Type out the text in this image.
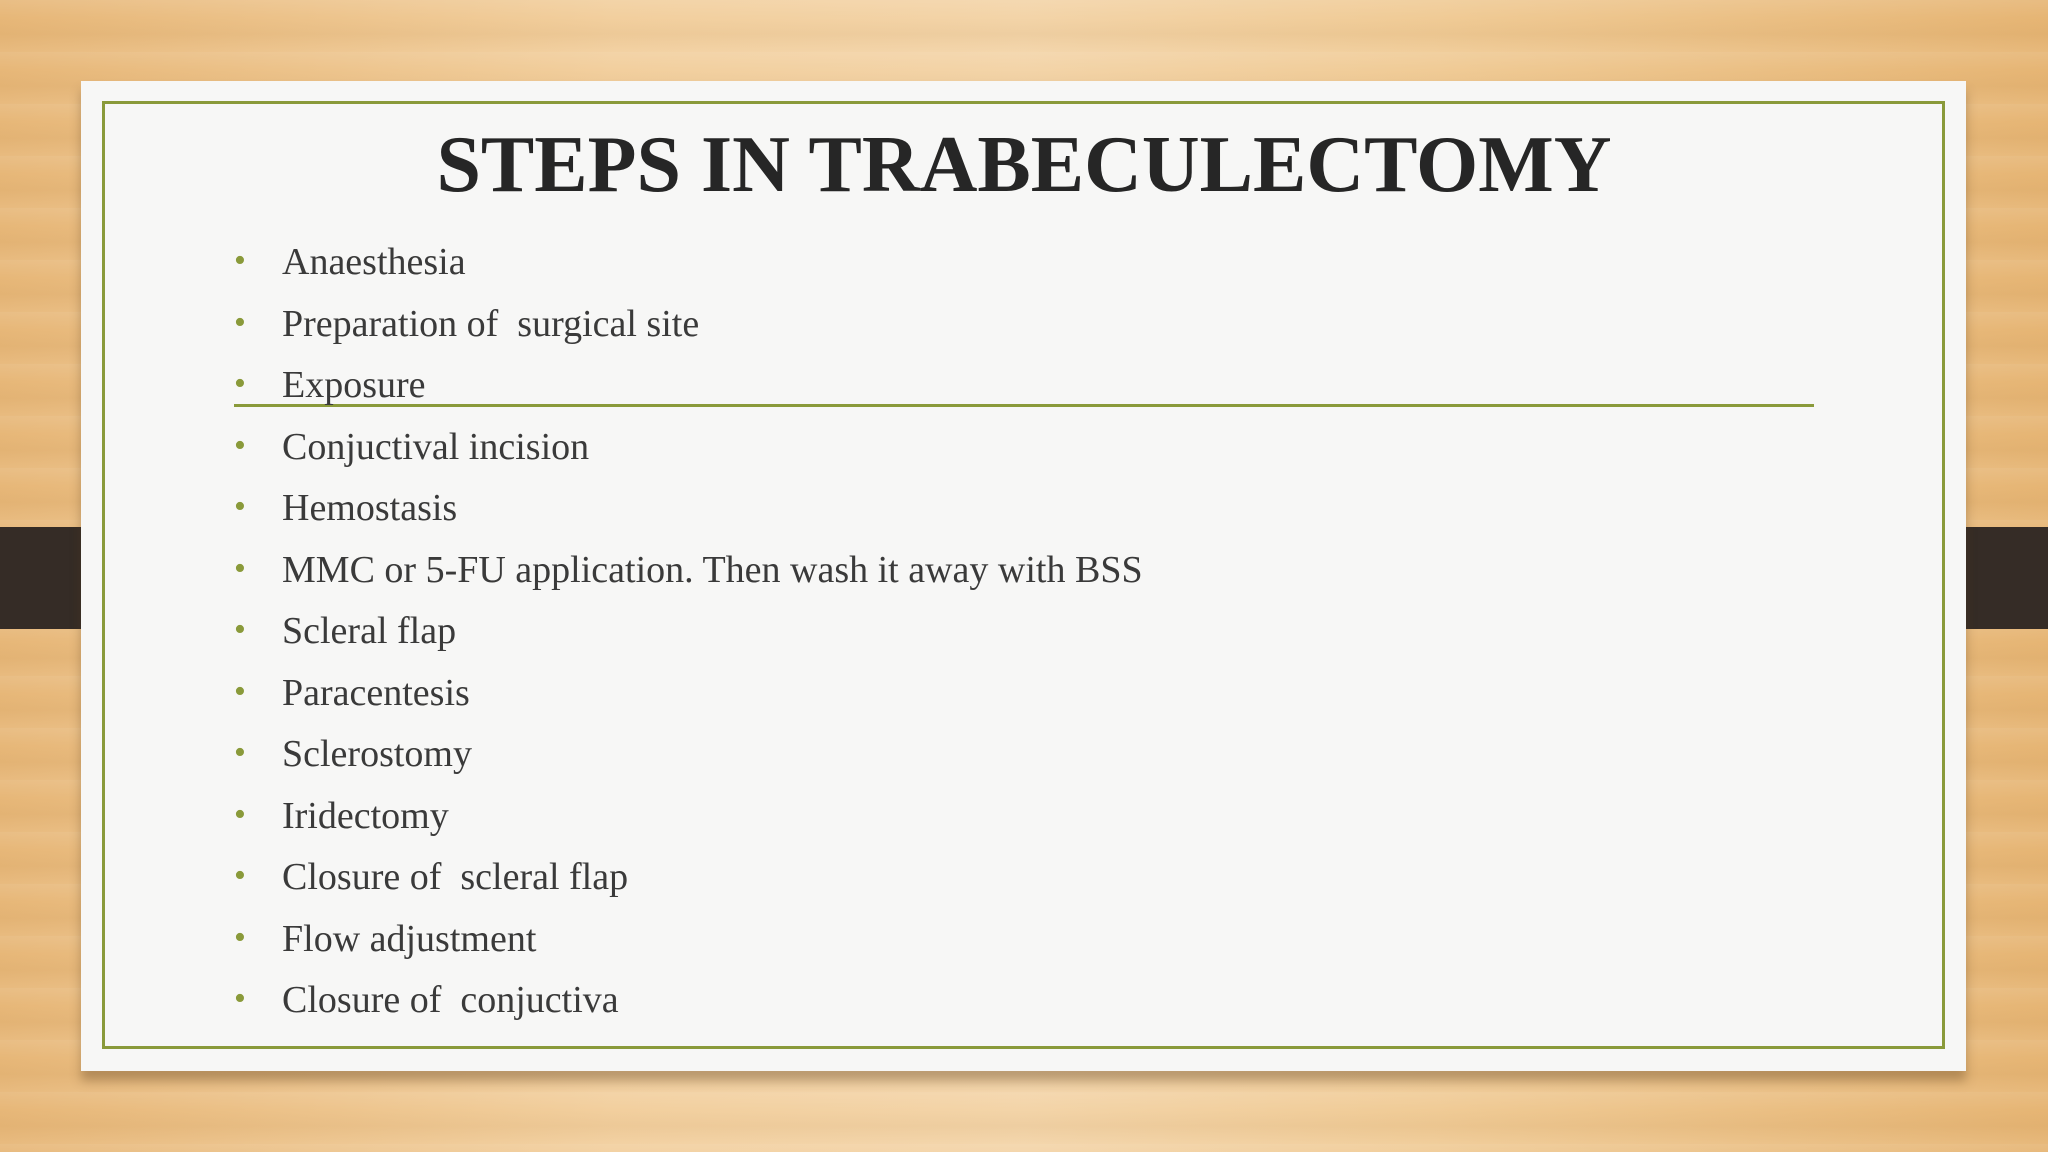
STEPS IN TRABECULECTOMY
• Anaesthesia
• Preparation of  surgical site
• Exposure
• Conjuctival incision
• Hemostasis
• MMC or 5-FU application. Then wash it away with BSS
• Scleral flap
• Paracentesis
• Sclerostomy
• Iridectomy
• Closure of  scleral flap
• Flow adjustment
• Closure of  conjuctiva
